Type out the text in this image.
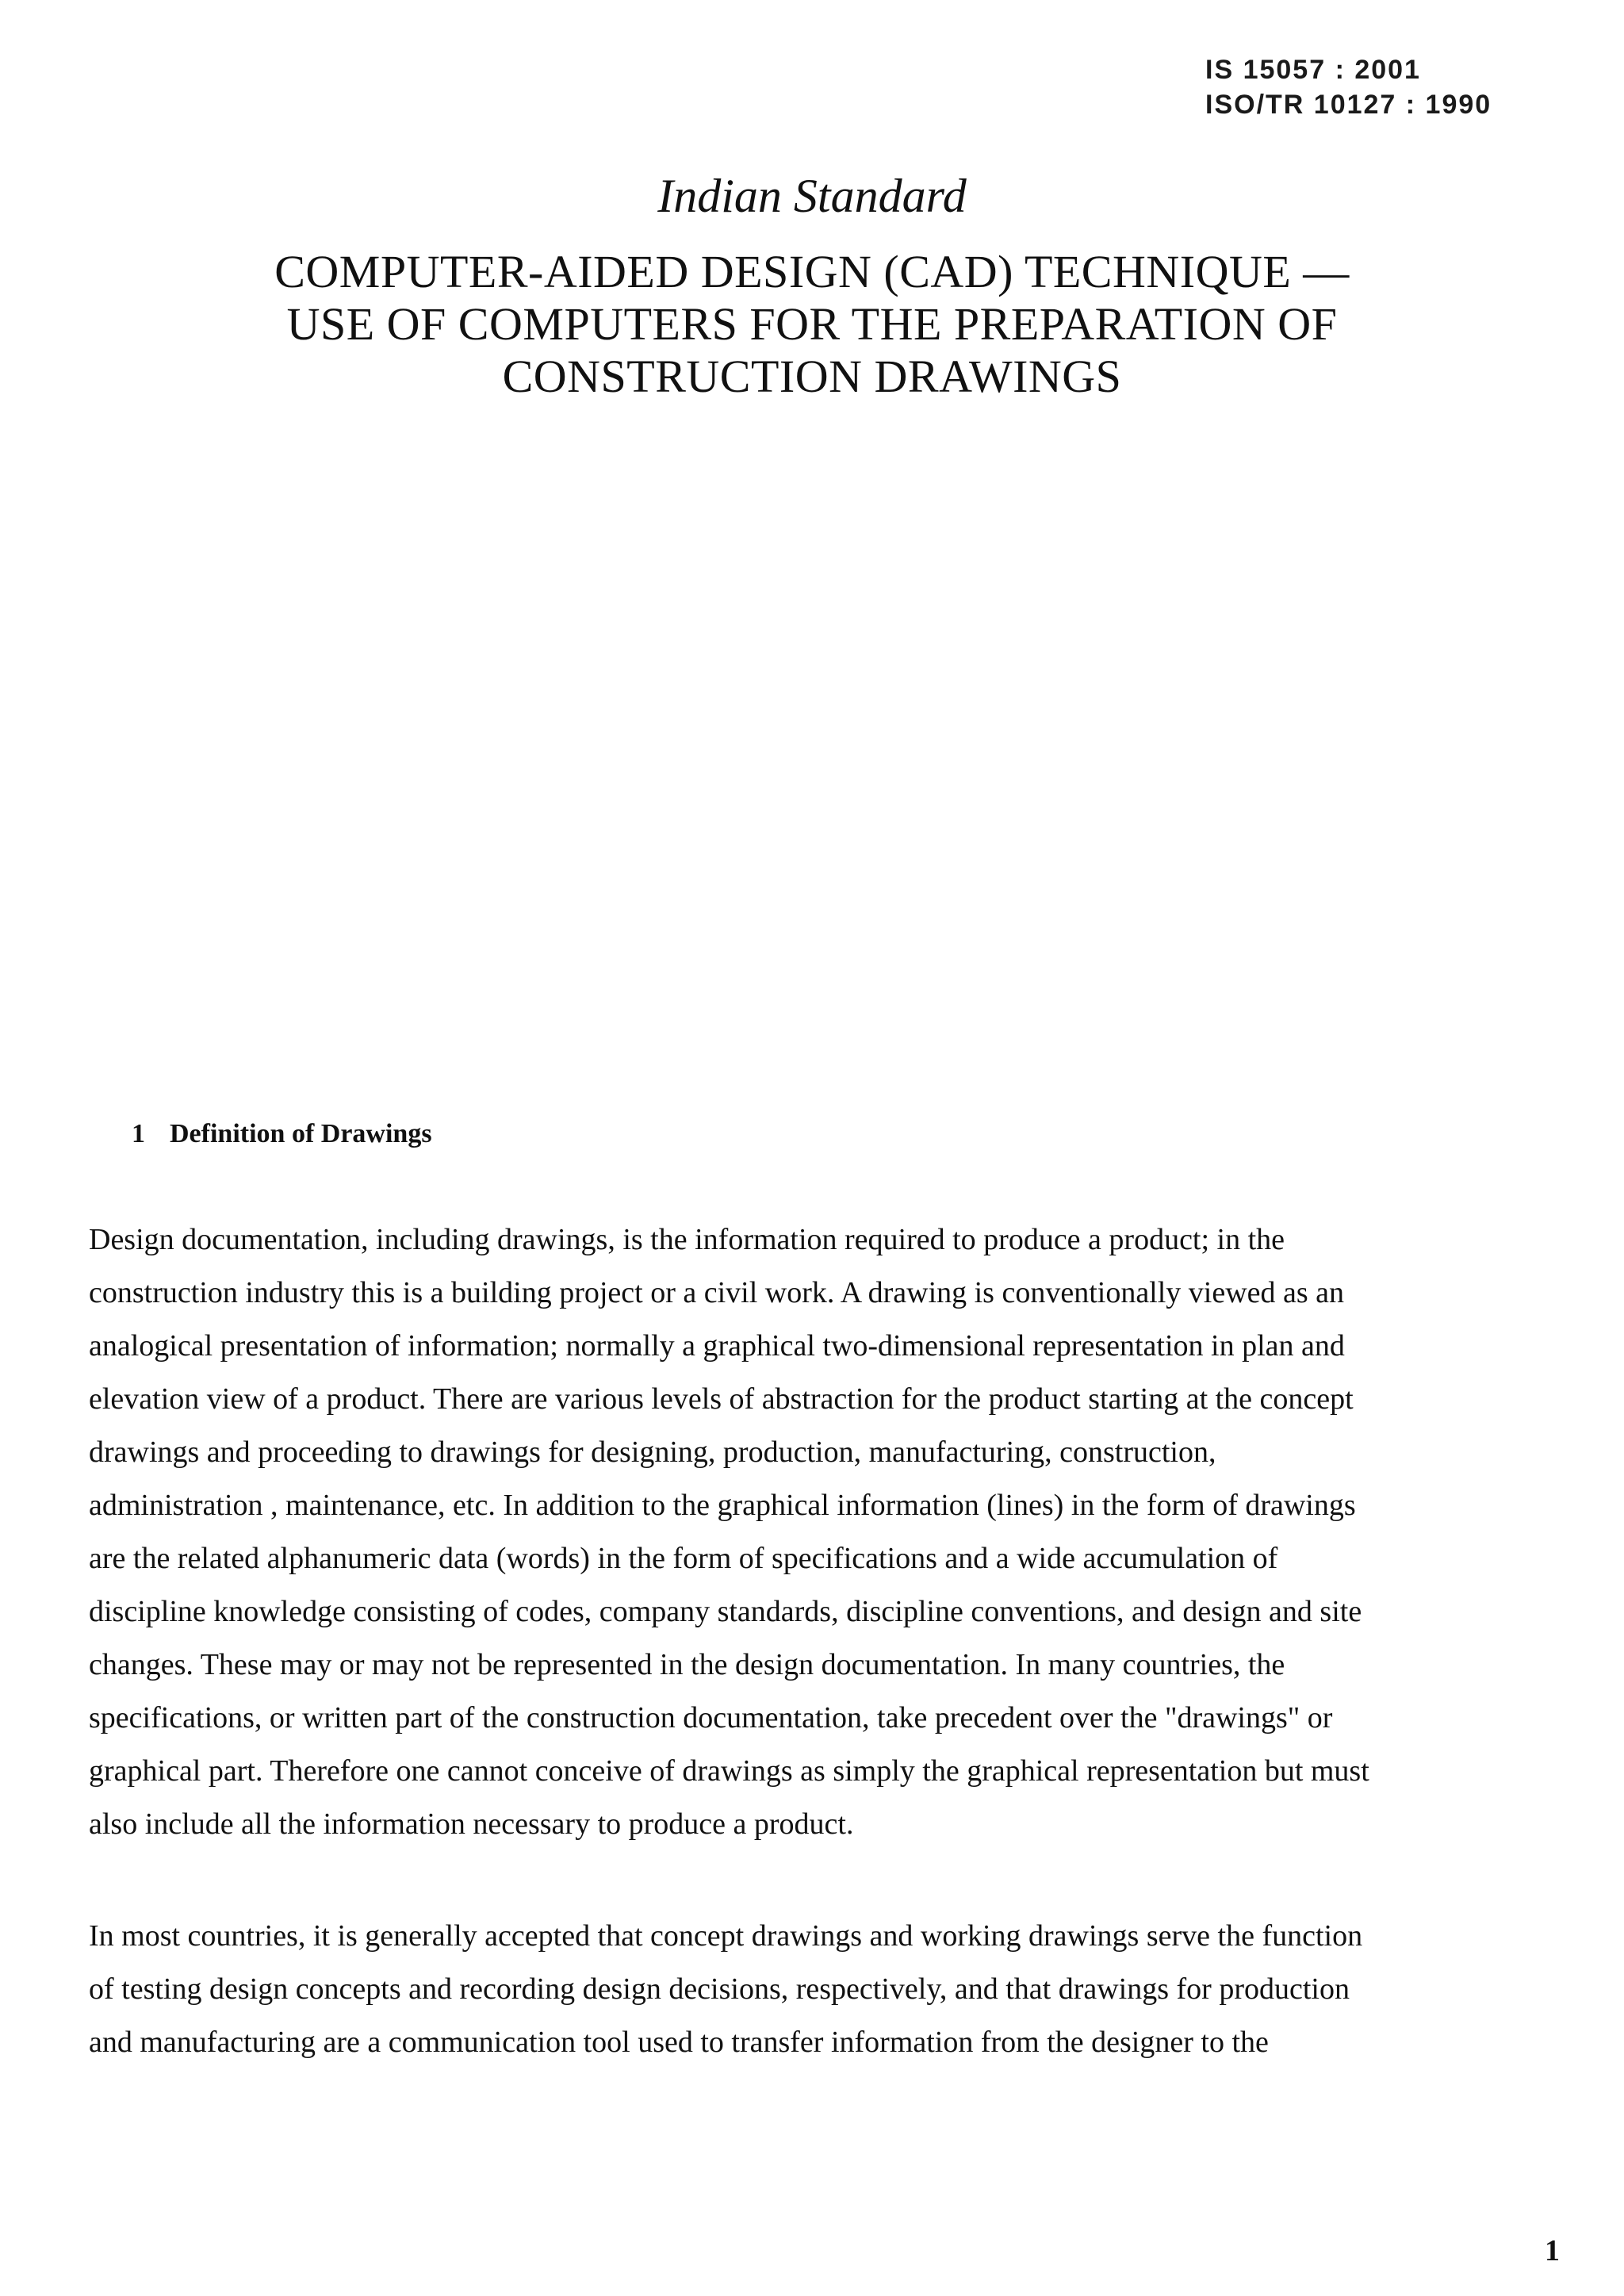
IS 15057 : 2001
ISO/TR 10127 : 1990
Indian Standard
COMPUTER-AIDED DESIGN (CAD) TECHNIQUE —
USE OF COMPUTERS FOR THE PREPARATION OF
CONSTRUCTION DRAWINGS
1 Definition of Drawings

Design documentation, including drawings, is the information required to produce a product; in the
construction industry this is a building project or a civil work. A drawing is conventionally viewed as an
analogical presentation of information; normally a graphical two-dimensional representation in plan and
elevation view of a product. There are various levels of abstraction for the product starting at the concept
drawings and proceeding to drawings for designing, production, manufacturing, construction,
administration , maintenance, etc. In addition to the graphical information (lines) in the form of drawings
are the related alphanumeric data (words) in the form of specifications and a wide accumulation of
discipline knowledge consisting of codes, company standards, discipline conventions, and design and site
changes. These may or may not be represented in the design documentation. In many countries, the
specifications, or written part of the construction documentation, take precedent over the "drawings" or
graphical part. Therefore one cannot conceive of drawings as simply the graphical representation but must
also include all the information necessary to produce a product.

In most countries, it is generally accepted that concept drawings and working drawings serve the function
of testing design concepts and recording design decisions, respectively, and that drawings for production
and manufacturing are a communication tool used to transfer information from the designer to the

1
